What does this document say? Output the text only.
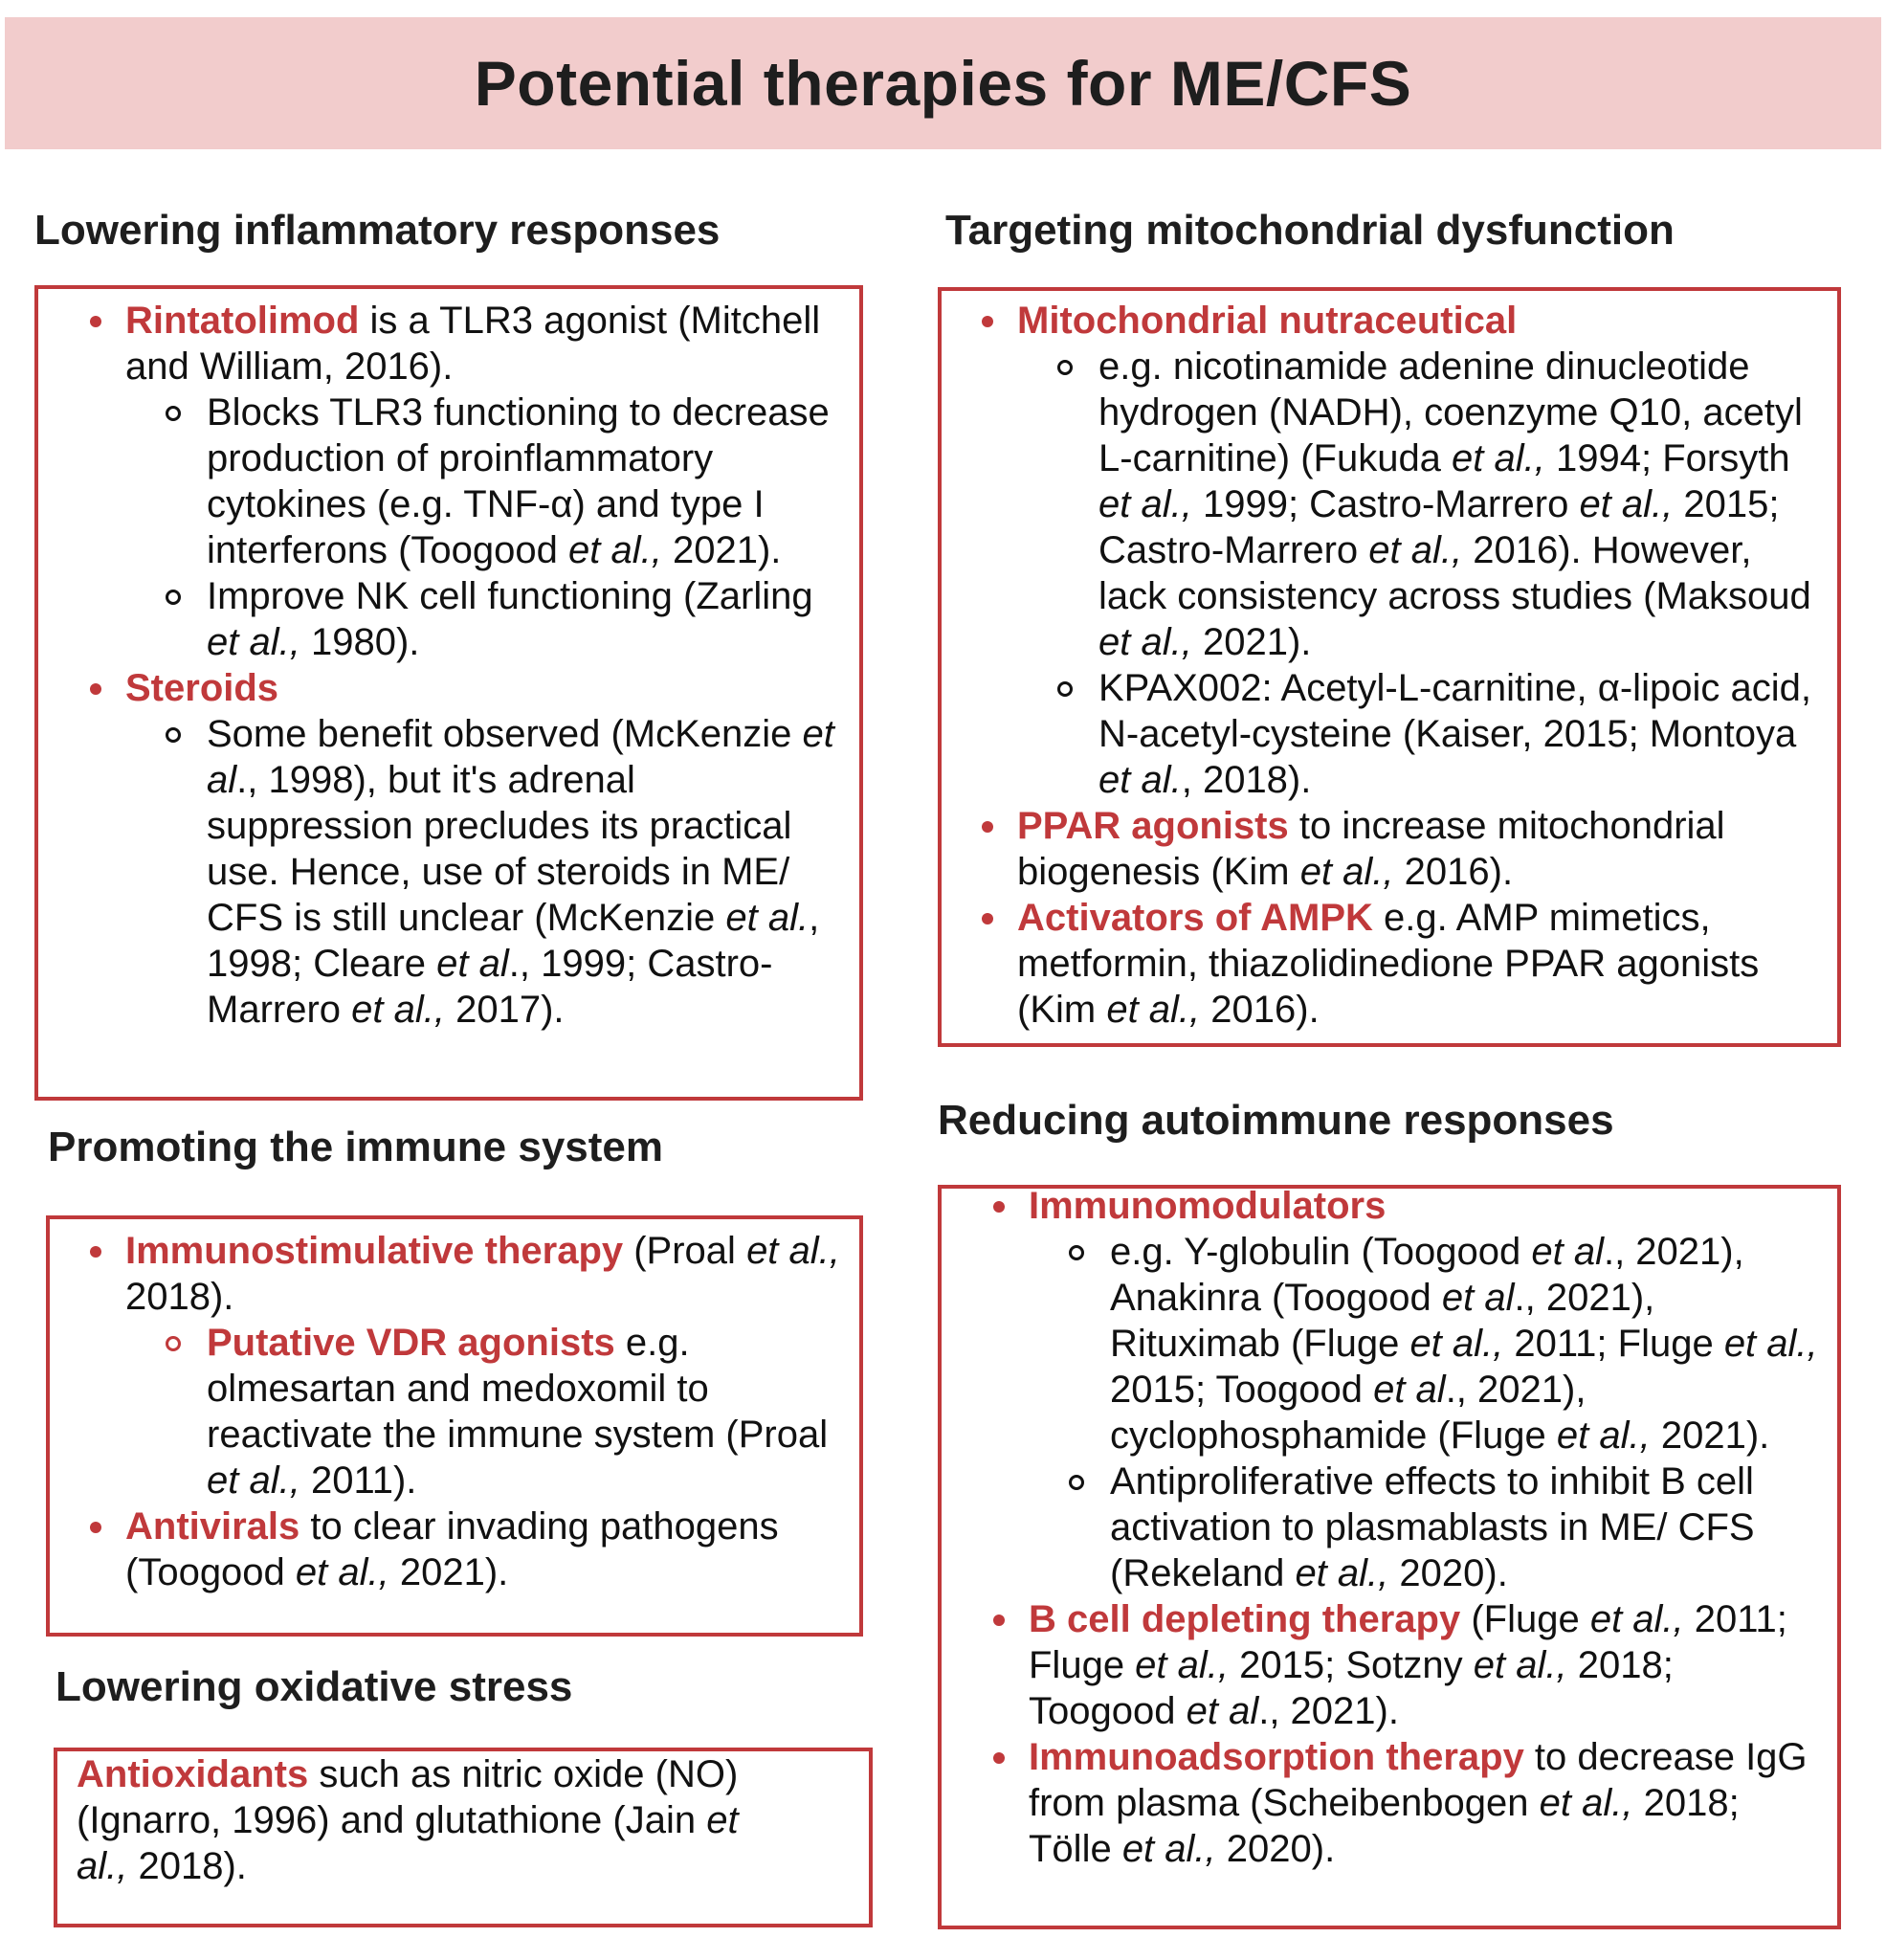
Potential therapies for ME/CFS
Lowering inflammatory responses
Rintatolimod is a TLR3 agonist (Mitchell and William, 2016).
Blocks TLR3 functioning to decrease production of proinflammatory cytokines (e.g. TNF-α) and type I interferons (Toogood et al., 2021).
Improve NK cell functioning (Zarling et al., 1980).
Steroids
Some benefit observed (McKenzie et al., 1998), but it's adrenal suppression precludes its practical use. Hence, use of steroids in ME/ CFS is still unclear (McKenzie et al., 1998; Cleare et al., 1999; Castro-Marrero et al., 2017).
Promoting the immune system
Immunostimulative therapy (Proal et al., 2018).
Putative VDR agonists e.g. olmesartan and medoxomil to reactivate the immune system (Proal et al., 2011).
Antivirals to clear invading pathogens (Toogood et al., 2021).
Lowering oxidative stress
Antioxidants such as nitric oxide (NO) (Ignarro, 1996) and glutathione (Jain et al., 2018).
Targeting mitochondrial dysfunction
Mitochondrial nutraceutical
e.g. nicotinamide adenine dinucleotide hydrogen (NADH), coenzyme Q10, acetyl L-carnitine) (Fukuda et al., 1994; Forsyth et al., 1999; Castro-Marrero et al., 2015; Castro-Marrero et al., 2016). However, lack consistency across studies (Maksoud et al., 2021).
KPAX002: Acetyl-L-carnitine, α-lipoic acid, N-acetyl-cysteine (Kaiser, 2015; Montoya et al., 2018).
PPAR agonists to increase mitochondrial biogenesis (Kim et al., 2016).
Activators of AMPK e.g. AMP mimetics, metformin, thiazolidinedione PPAR agonists (Kim et al., 2016).
Reducing autoimmune responses
Immunomodulators
e.g. Y-globulin (Toogood et al., 2021), Anakinra (Toogood et al., 2021), Rituximab (Fluge et al., 2011; Fluge et al., 2015; Toogood et al., 2021), cyclophosphamide (Fluge et al., 2021).
Antiproliferative effects to inhibit B cell activation to plasmablasts in ME/ CFS (Rekeland et al., 2020).
B cell depleting therapy (Fluge et al., 2011; Fluge et al., 2015; Sotzny et al., 2018; Toogood et al., 2021).
Immunoadsorption therapy to decrease IgG from plasma (Scheibenbogen et al., 2018; Tölle et al., 2020).
